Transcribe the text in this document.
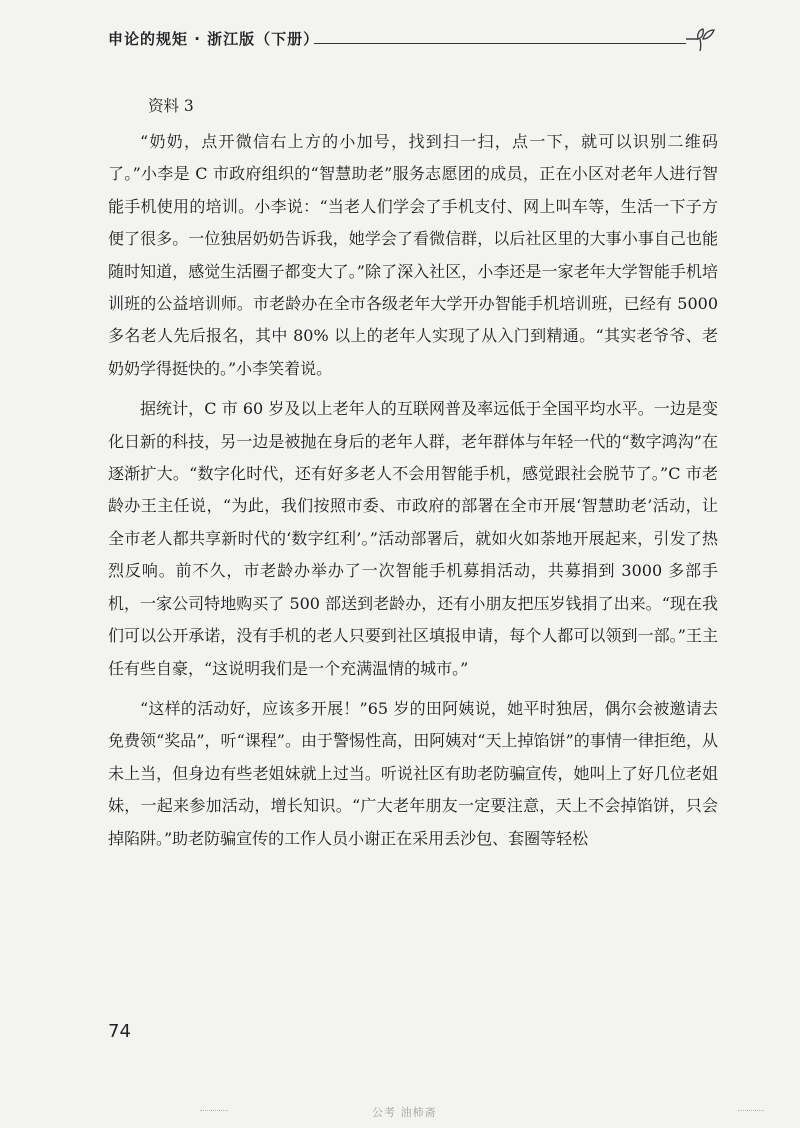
申论的规矩 · 浙江版（下册）
资料 3

“奶奶，点开微信右上方的小加号，找到扫一扫，点一下，就可以识别二维码了。”小李是 C 市政府组织的“智慧助老”服务志愿团的成员，正在小区对老年人进行智能手机使用的培训。小李说：“当老人们学会了手机支付、网上叫车等，生活一下子方便了很多。一位独居奶奶告诉我，她学会了看微信群，以后社区里的大事小事自己也能随时知道，感觉生活圈子都变大了。”除了深入社区，小李还是一家老年大学智能手机培训班的公益培训师。市老龄办在全市各级老年大学开办智能手机培训班，已经有 5000 多名老人先后报名，其中 80% 以上的老年人实现了从入门到精通。“其实老爷爷、老奶奶学得挺快的。”小李笑着说。

据统计，C 市 60 岁及以上老年人的互联网普及率远低于全国平均水平。一边是变化日新的科技，另一边是被抛在身后的老年人群，老年群体与年轻一代的“数字鸿沟”在逐渐扩大。“数字化时代，还有好多老人不会用智能手机，感觉跟社会脱节了。”C 市老龄办王主任说，“为此，我们按照市委、市政府的部署在全市开展‘智慧助老’活动，让全市老人都共享新时代的‘数字红利’。”活动部署后，就如火如荼地开展起来，引发了热烈反响。前不久，市老龄办举办了一次智能手机募捐活动，共募捐到 3000 多部手机，一家公司特地购买了 500 部送到老龄办，还有小朋友把压岁钱捐了出来。“现在我们可以公开承诺，没有手机的老人只要到社区填报申请，每个人都可以领到一部。”王主任有些自豪，“这说明我们是一个充满温情的城市。”

“这样的活动好，应该多开展！”65 岁的田阿姨说，她平时独居，偶尔会被邀请去免费领“奖品”，听“课程”。由于警惕性高，田阿姨对“天上掉馅饼”的事情一律拒绝，从未上当，但身边有些老姐妹就上过当。听说社区有助老防骗宣传，她叫上了好几位老姐妹，一起来参加活动，增长知识。“广大老年朋友一定要注意，天上不会掉馅饼，只会掉陷阱。”助老防骗宣传的工作人员小谢正在采用丢沙包、套圈等轻松

74
公考 油柿斋
